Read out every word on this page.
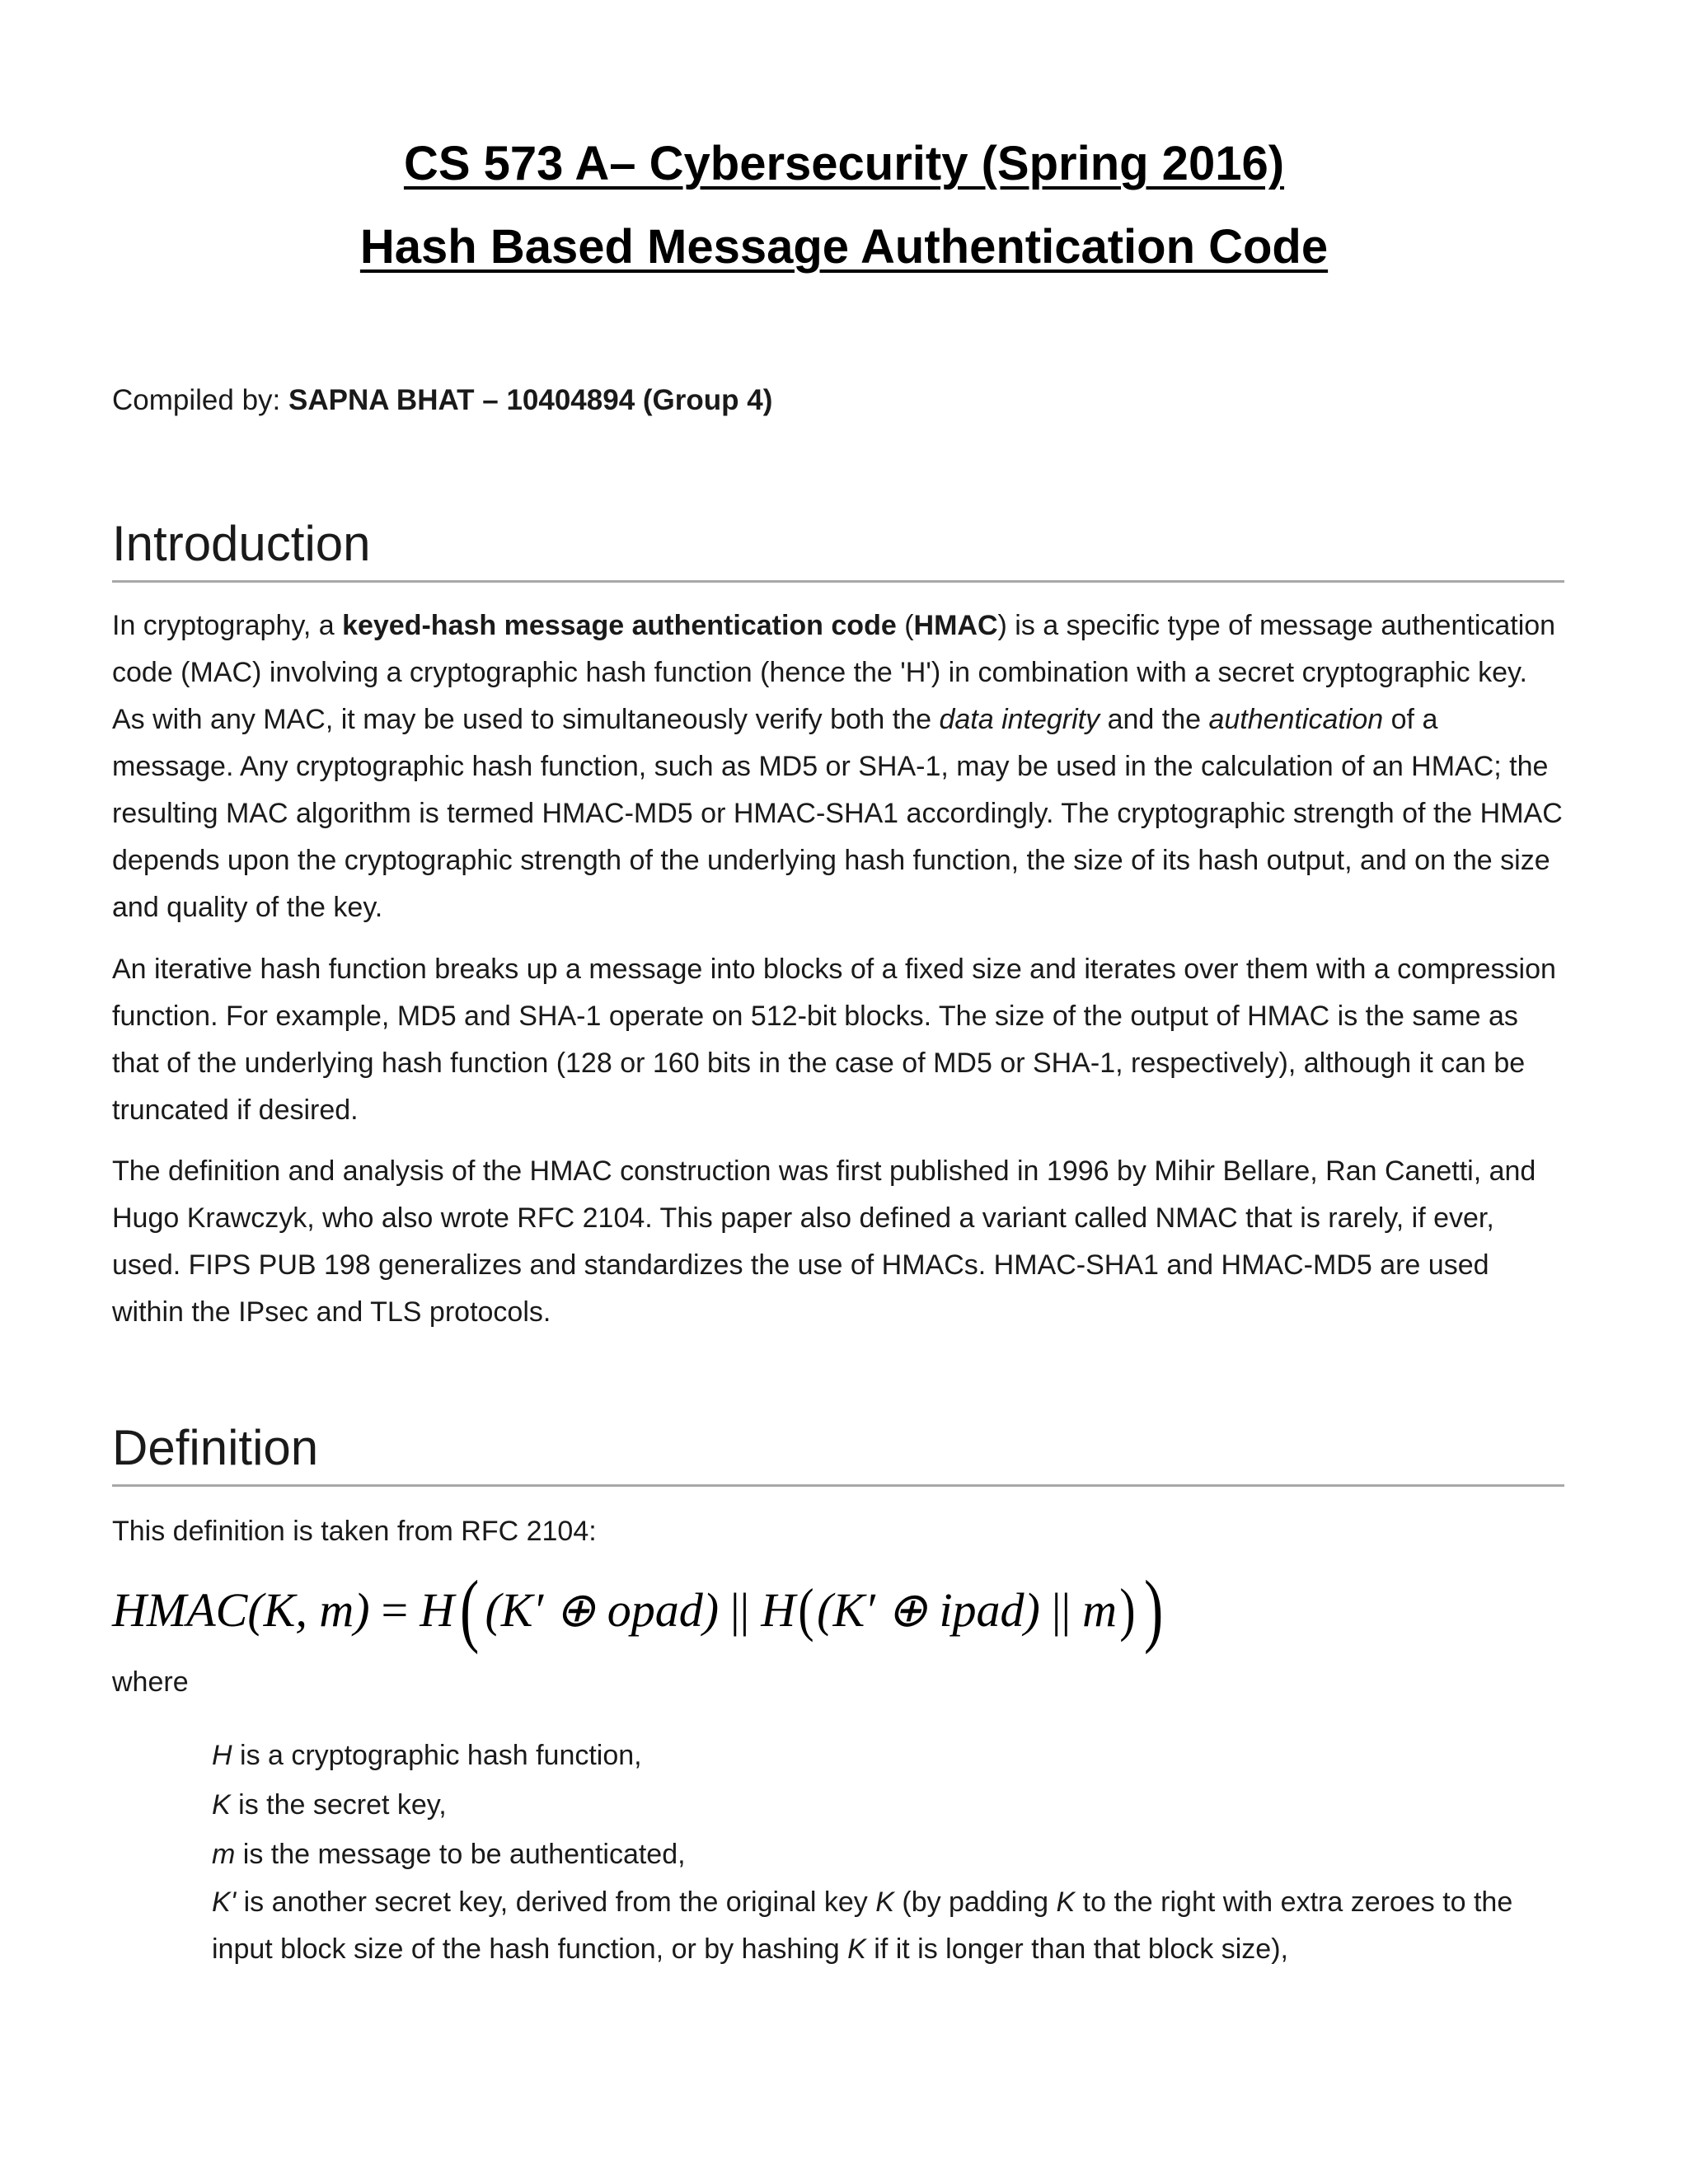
CS 573 A– Cybersecurity (Spring 2016)
Hash Based Message Authentication Code
Compiled by: SAPNA BHAT – 10404894 (Group 4)
Introduction

In cryptography, a keyed-hash message authentication code (HMAC) is a specific type of message authentication code (MAC) involving a cryptographic hash function (hence the 'H') in combination with a secret cryptographic key. As with any MAC, it may be used to simultaneously verify both the data integrity and the authentication of a message. Any cryptographic hash function, such as MD5 or SHA-1, may be used in the calculation of an HMAC; the resulting MAC algorithm is termed HMAC-MD5 or HMAC-SHA1 accordingly. The cryptographic strength of the HMAC depends upon the cryptographic strength of the underlying hash function, the size of its hash output, and on the size and quality of the key.

An iterative hash function breaks up a message into blocks of a fixed size and iterates over them with a compression function. For example, MD5 and SHA-1 operate on 512-bit blocks. The size of the output of HMAC is the same as that of the underlying hash function (128 or 160 bits in the case of MD5 or SHA-1, respectively), although it can be truncated if desired.

The definition and analysis of the HMAC construction was first published in 1996 by Mihir Bellare, Ran Canetti, and Hugo Krawczyk, who also wrote RFC 2104. This paper also defined a variant called NMAC that is rarely, if ever, used. FIPS PUB 198 generalizes and standardizes the use of HMACs. HMAC-SHA1 and HMAC-MD5 are used within the IPsec and TLS protocols.

Definition

This definition is taken from RFC 2104:

HMAC(K, m) = H ( (K′ ⊕ opad) || H ( (K′ ⊕ ipad) || m ) )

where

H is a cryptographic hash function,
K is the secret key,
m is the message to be authenticated,
K' is another secret key, derived from the original key K (by padding K to the right with extra zeroes to the input block size of the hash function, or by hashing K if it is longer than that block size),
